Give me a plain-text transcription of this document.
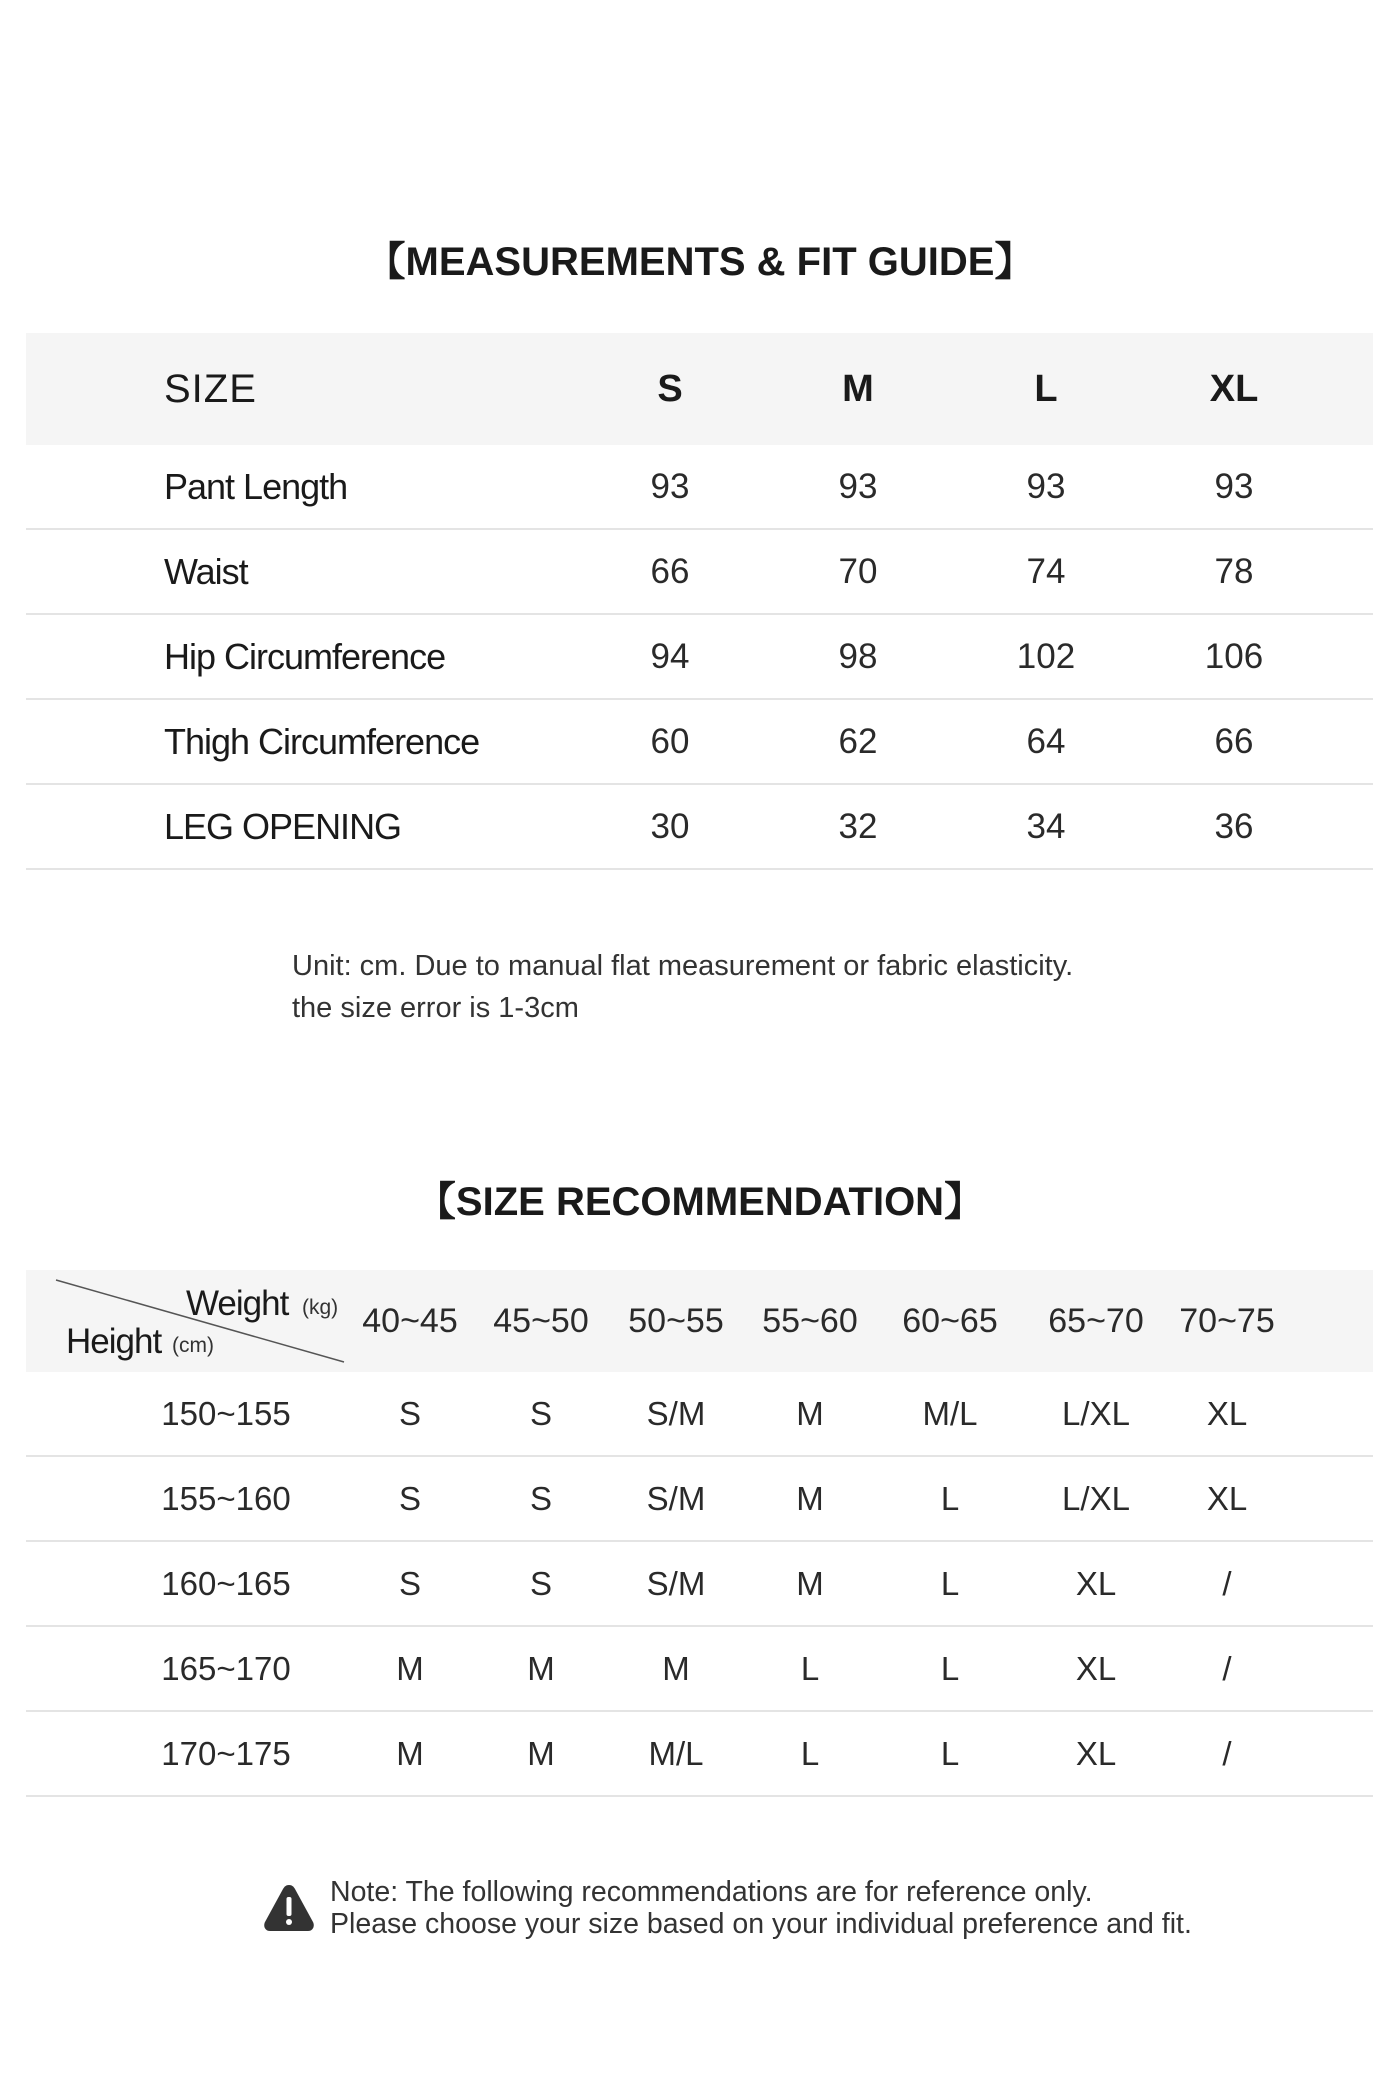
【MEASUREMENTS & FIT GUIDE】
SIZE	S	M	L	XL
Pant Length	93	93	93	93
Waist	66	70	74	78
Hip Circumference	94	98	102	106
Thigh Circumference	60	62	64	66
LEG OPENING	30	32	34	36
Unit: cm. Due to manual flat measurement or fabric elasticity.
the size error is 1-3cm
【SIZE RECOMMENDATION】
Weight (kg)
Height (cm)
40~45	45~50	50~55	55~60	60~65	65~70	70~75
150~155	S	S	S/M	M	M/L	L/XL	XL
155~160	S	S	S/M	M	L	L/XL	XL
160~165	S	S	S/M	M	L	XL	/
165~170	M	M	M	L	L	XL	/
170~175	M	M	M/L	L	L	XL	/
Note: The following recommendations are for reference only.
Please choose your size based on your individual preference and fit.
